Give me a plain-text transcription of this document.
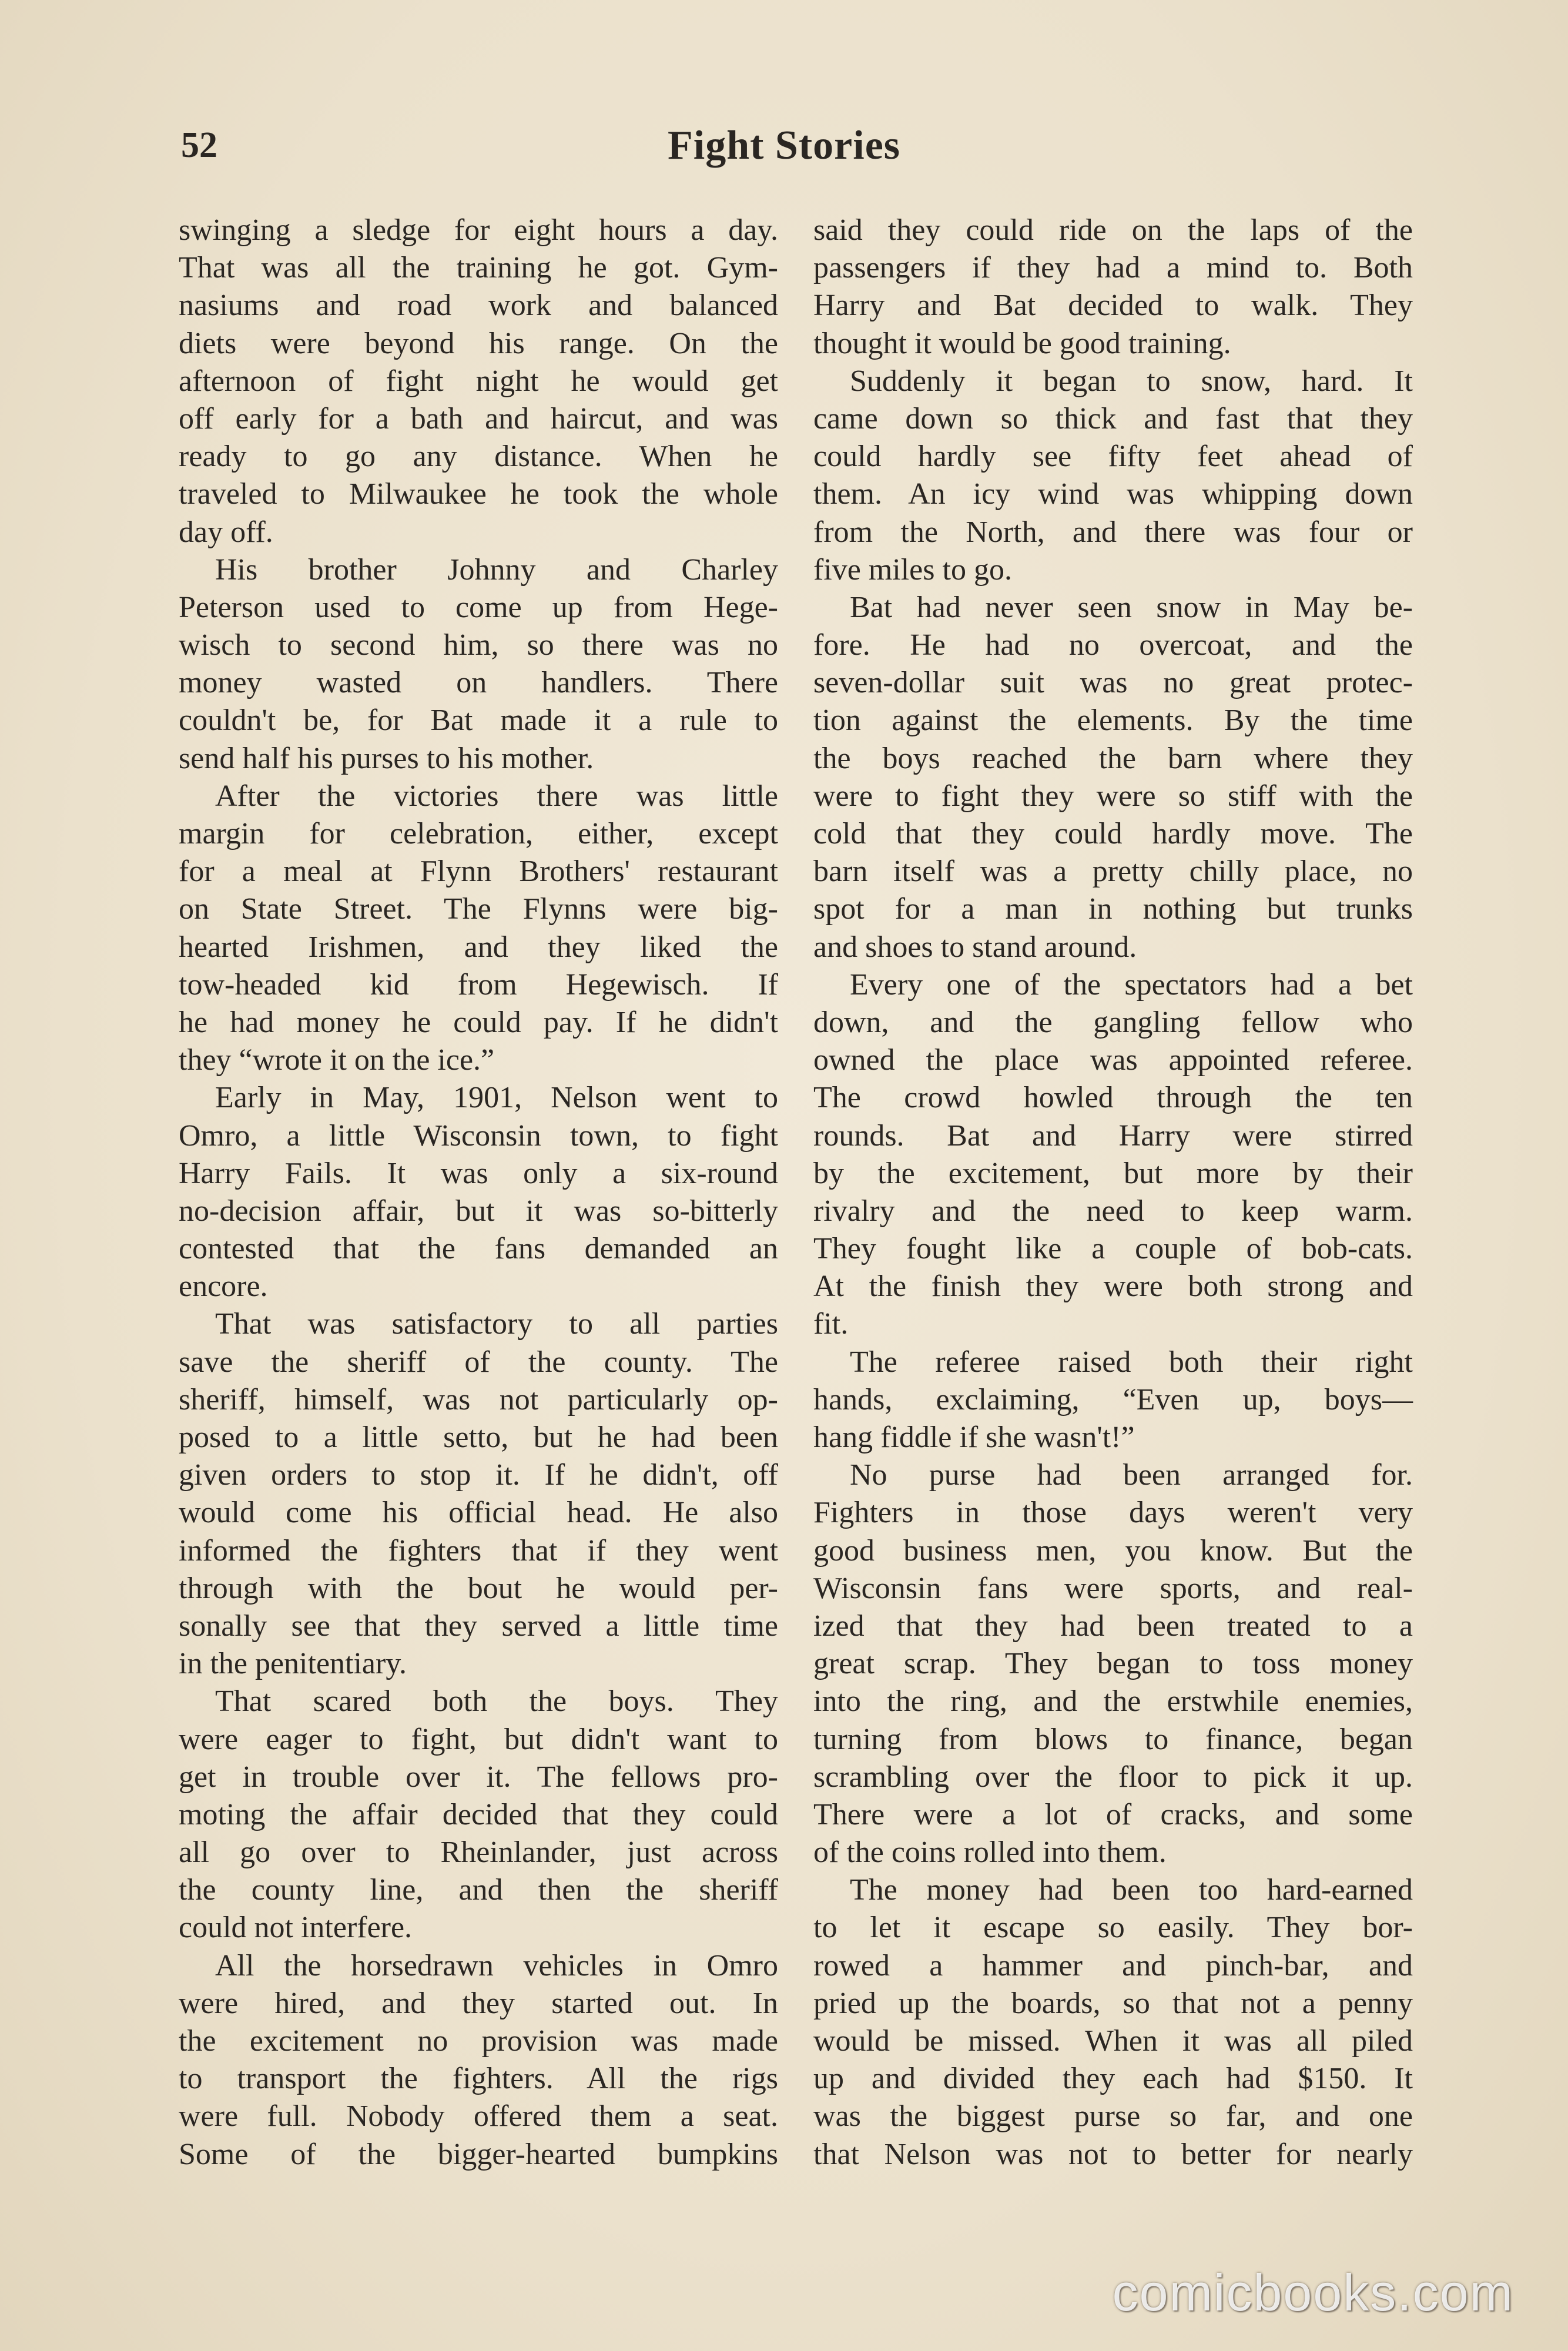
52	Fight Stories
swinging a sledge for eight hours a day.
That was all the training he got. Gym-
nasiums and road work and balanced
diets were beyond his range. On the
afternoon of fight night he would get
off early for a bath and haircut, and was
ready to go any distance. When he
traveled to Milwaukee he took the whole
day off.
His brother Johnny and Charley
Peterson used to come up from Hege-
wisch to second him, so there was no
money wasted on handlers. There
couldn't be, for Bat made it a rule to
send half his purses to his mother.
After the victories there was little
margin for celebration, either, except
for a meal at Flynn Brothers' restaurant
on State Street. The Flynns were big-
hearted Irishmen, and they liked the
tow-headed kid from Hegewisch. If
he had money he could pay. If he didn't
they “wrote it on the ice.”
Early in May, 1901, Nelson went to
Omro, a little Wisconsin town, to fight
Harry Fails. It was only a six-round
no-decision affair, but it was so-bitterly
contested that the fans demanded an
encore.
That was satisfactory to all parties
save the sheriff of the county. The
sheriff, himself, was not particularly op-
posed to a little setto, but he had been
given orders to stop it. If he didn't, off
would come his official head. He also
informed the fighters that if they went
through with the bout he would per-
sonally see that they served a little time
in the penitentiary.
That scared both the boys. They
were eager to fight, but didn't want to
get in trouble over it. The fellows pro-
moting the affair decided that they could
all go over to Rheinlander, just across
the county line, and then the sheriff
could not interfere.
All the horsedrawn vehicles in Omro
were hired, and they started out. In
the excitement no provision was made
to transport the fighters. All the rigs
were full. Nobody offered them a seat.
Some of the bigger-hearted bumpkins
said they could ride on the laps of the
passengers if they had a mind to. Both
Harry and Bat decided to walk. They
thought it would be good training.
Suddenly it began to snow, hard. It
came down so thick and fast that they
could hardly see fifty feet ahead of
them. An icy wind was whipping down
from the North, and there was four or
five miles to go.
Bat had never seen snow in May be-
fore. He had no overcoat, and the
seven-dollar suit was no great protec-
tion against the elements. By the time
the boys reached the barn where they
were to fight they were so stiff with the
cold that they could hardly move. The
barn itself was a pretty chilly place, no
spot for a man in nothing but trunks
and shoes to stand around.
Every one of the spectators had a bet
down, and the gangling fellow who
owned the place was appointed referee.
The crowd howled through the ten
rounds. Bat and Harry were stirred
by the excitement, but more by their
rivalry and the need to keep warm.
They fought like a couple of bob-cats.
At the finish they were both strong and
fit.
The referee raised both their right
hands, exclaiming, “Even up, boys—
hang fiddle if she wasn't!”
No purse had been arranged for.
Fighters in those days weren't very
good business men, you know. But the
Wisconsin fans were sports, and real-
ized that they had been treated to a
great scrap. They began to toss money
into the ring, and the erstwhile enemies,
turning from blows to finance, began
scrambling over the floor to pick it up.
There were a lot of cracks, and some
of the coins rolled into them.
The money had been too hard-earned
to let it escape so easily. They bor-
rowed a hammer and pinch-bar, and
pried up the boards, so that not a penny
would be missed. When it was all piled
up and divided they each had $150. It
was the biggest purse so far, and one
that Nelson was not to better for nearly
comicbooks.com
